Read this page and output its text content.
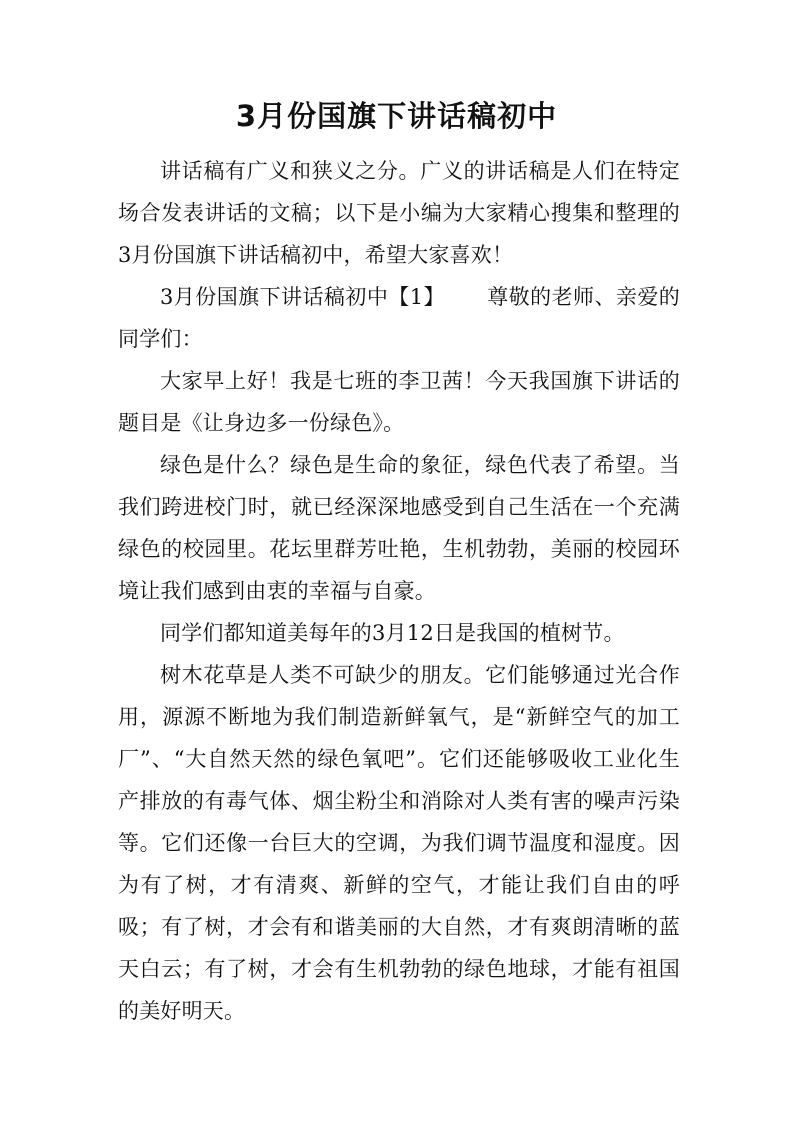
3月份国旗下讲话稿初中

讲话稿有广义和狭义之分。广义的讲话稿是人们在特定场合发表讲话的文稿；以下是小编为大家精心搜集和整理的3月份国旗下讲话稿初中，希望大家喜欢！

3月份国旗下讲话稿初中【1】 尊敬的老师、亲爱的同学们：

大家早上好！我是七班的李卫茜！今天我国旗下讲话的题目是《让身边多一份绿色》。

绿色是什么？绿色是生命的象征，绿色代表了希望。当我们跨进校门时，就已经深深地感受到自己生活在一个充满绿色的校园里。花坛里群芳吐艳，生机勃勃，美丽的校园环境让我们感到由衷的幸福与自豪。

同学们都知道美每年的3月12日是我国的植树节。

树木花草是人类不可缺少的朋友。它们能够通过光合作用，源源不断地为我们制造新鲜氧气，是“新鲜空气的加工厂”、“大自然天然的绿色氧吧”。它们还能够吸收工业化生产排放的有毒气体、烟尘粉尘和消除对人类有害的噪声污染等。它们还像一台巨大的空调，为我们调节温度和湿度。因为有了树，才有清爽、新鲜的空气，才能让我们自由的呼吸；有了树，才会有和谐美丽的大自然，才有爽朗清晰的蓝天白云；有了树，才会有生机勃勃的绿色地球，才能有祖国的美好明天。
